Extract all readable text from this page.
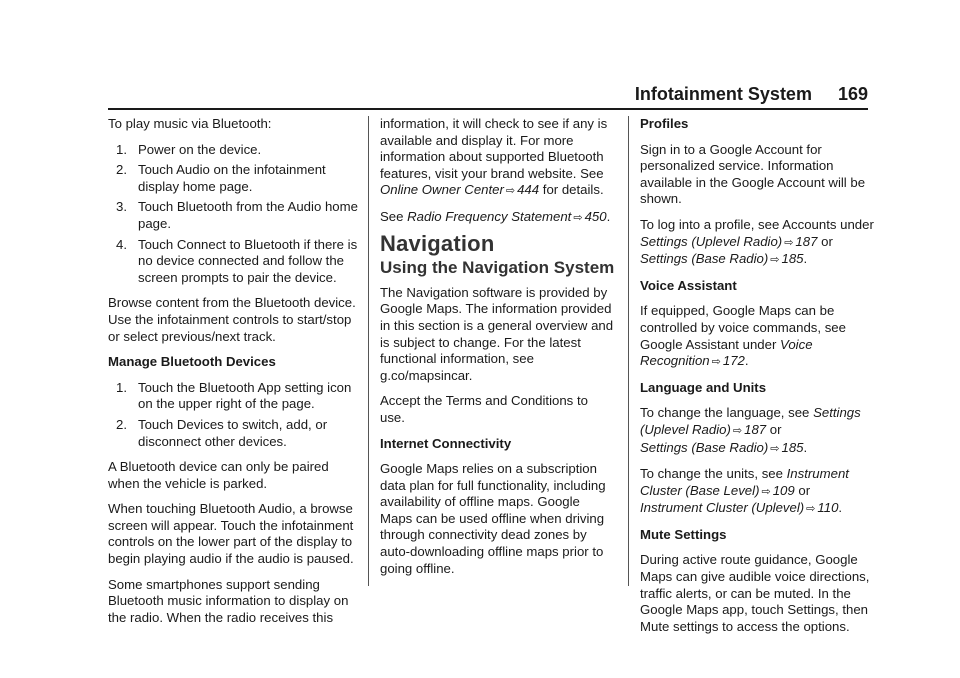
Infotainment System 169

To play music via Bluetooth:

1. Power on the device.
2. Touch Audio on the infotainment display home page.
3. Touch Bluetooth from the Audio home page.
4. Touch Connect to Bluetooth if there is no device connected and follow the screen prompts to pair the device.

Browse content from the Bluetooth device. Use the infotainment controls to start/stop or select previous/next track.

Manage Bluetooth Devices
1. Touch the Bluetooth App setting icon on the upper right of the page.
2. Touch Devices to switch, add, or disconnect other devices.

A Bluetooth device can only be paired when the vehicle is parked.

When touching Bluetooth Audio, a browse screen will appear. Touch the infotainment controls on the lower part of the display to begin playing audio if the audio is paused.

Some smartphones support sending Bluetooth music information to display on the radio. When the radio receives this

information, it will check to see if any is available and display it. For more information about supported Bluetooth features, visit your brand website. See Online Owner Center ⇨ 444 for details.

See Radio Frequency Statement ⇨ 450.

Navigation
Using the Navigation System

The Navigation software is provided by Google Maps. The information provided in this section is a general overview and is subject to change. For the latest functional information, see g.co/mapsincar.

Accept the Terms and Conditions to use.

Internet Connectivity

Google Maps relies on a subscription data plan for full functionality, including availability of offline maps. Google Maps can be used offline when driving through connectivity dead zones by auto-downloading offline maps prior to going offline.

Profiles

Sign in to a Google Account for personalized service. Information available in the Google Account will be shown.

To log into a profile, see Accounts under
Settings (Uplevel Radio) ⇨ 187 or
Settings (Base Radio) ⇨ 185.

Voice Assistant

If equipped, Google Maps can be controlled by voice commands, see Google Assistant under Voice Recognition ⇨ 172.

Language and Units

To change the language, see Settings (Uplevel Radio) ⇨ 187 or
Settings (Base Radio) ⇨ 185.

To change the units, see Instrument Cluster (Base Level) ⇨ 109 or
Instrument Cluster (Uplevel) ⇨ 110.

Mute Settings

During active route guidance, Google Maps can give audible voice directions, traffic alerts, or can be muted. In the Google Maps app, touch Settings, then Mute settings to access the options.
